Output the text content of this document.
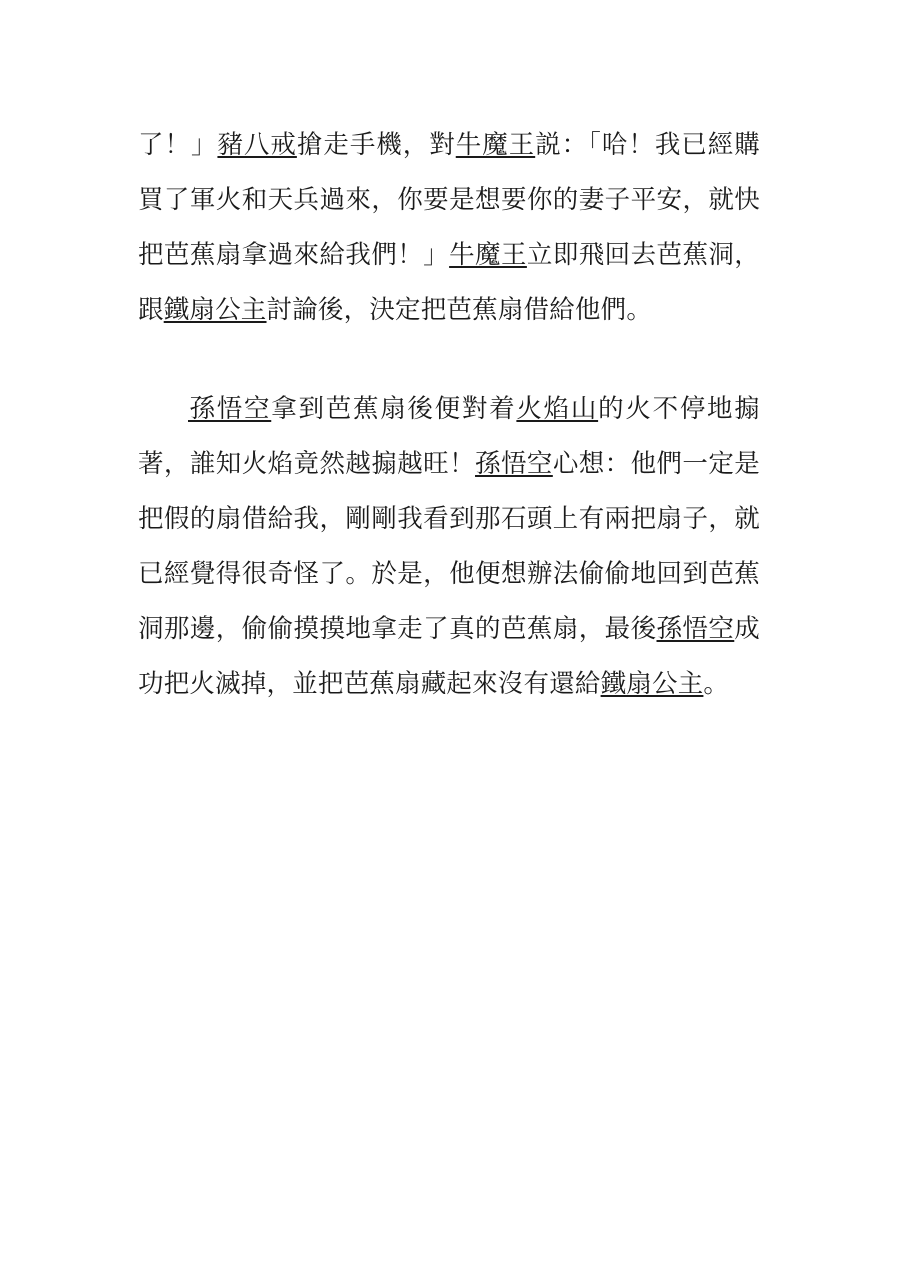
了！」豬八戒搶走手機，對牛魔王説：「哈！我已經購買了軍火和天兵過來，你要是想要你的妻子平安，就快把芭蕉扇拿過來給我們！」牛魔王立即飛回去芭蕉洞，跟鐵扇公主討論後，決定把芭蕉扇借給他們。

孫悟空拿到芭蕉扇後便對着火焰山的火不停地搧著，誰知火焰竟然越搧越旺！孫悟空心想：他們一定是把假的扇借給我，剛剛我看到那石頭上有兩把扇子，就已經覺得很奇怪了。於是，他便想辦法偷偷地回到芭蕉洞那邊，偷偷摸摸地拿走了真的芭蕉扇，最後孫悟空成功把火滅掉，並把芭蕉扇藏起來沒有還給鐵扇公主。
